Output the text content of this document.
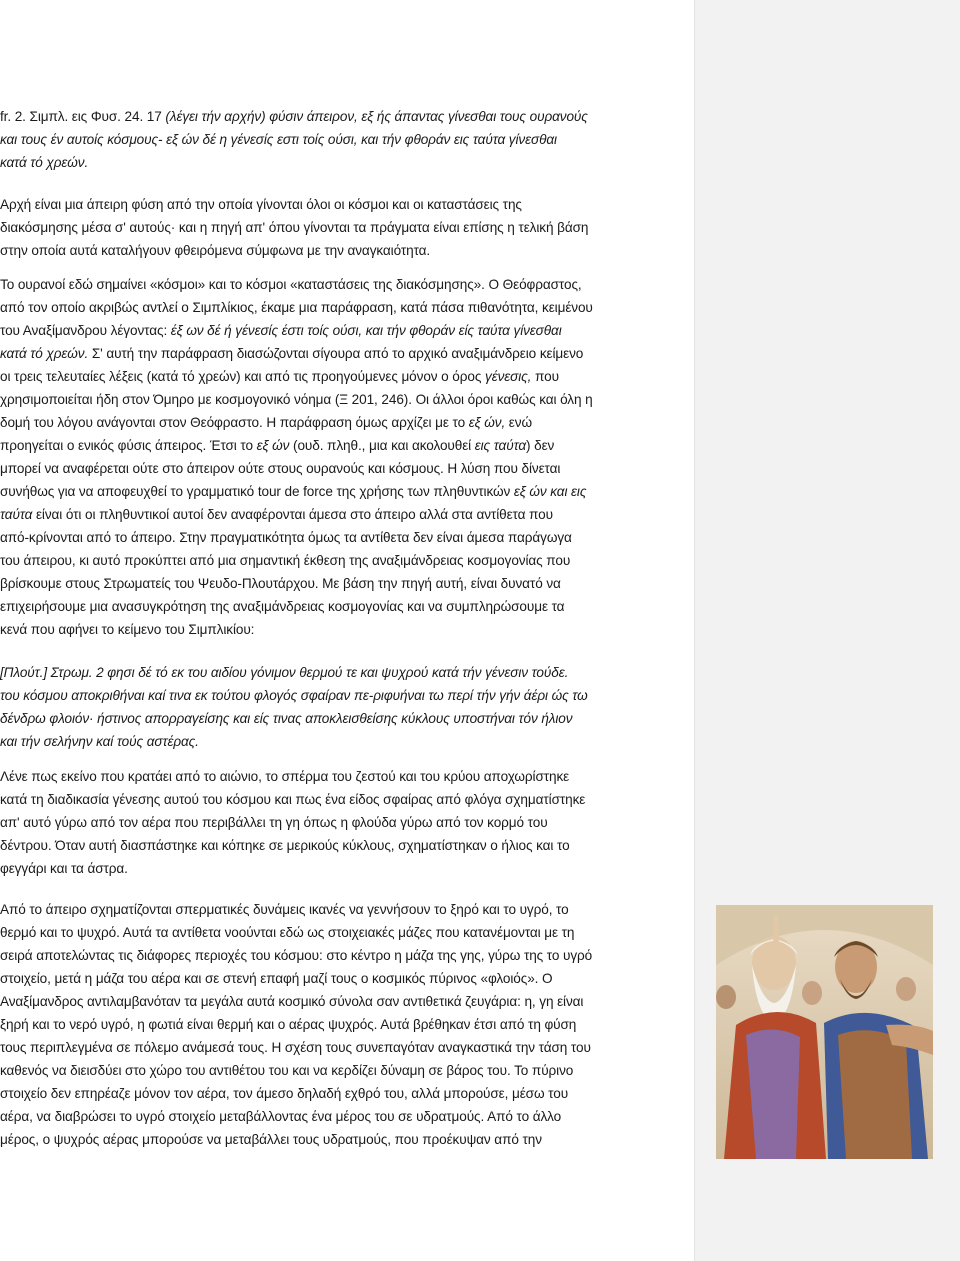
fr. 2. Σιμπλ. εις Φυσ. 24. 17 (λέγει τήν αρχήν) φύσιν άπειρον, εξ ής άπαντας γίνεσθαι τους ουρανούς
και τους έν αυτοίς κόσμους- εξ ών δέ η γένεσίς εστι τοίς ούσι, και τήν φθοράν εις ταύτα γίνεσθαι
κατά τό χρεών.
Αρχή είναι μια άπειρη φύση από την οποία γίνονται όλοι οι κόσμοι και οι καταστάσεις της
διακόσμησης μέσα σ' αυτούς· και η πηγή απ' όπου γίνονται τα πράγματα είναι επίσης η τελική βάση
στην οποία αυτά καταλήγουν φθειρόμενα σύμφωνα με την αναγκαιότητα.
Το ουρανοί εδώ σημαίνει «κόσμοι» και το κόσμοι «καταστάσεις της διακόσμησης». Ο Θεόφραστος,
από τον οποίο ακριβώς αντλεί ο Σιμπλίκιος, έκαμε μια παράφραση, κατά πάσα πιθανότητα, κειμένου
του Αναξίμανδρου λέγοντας: έξ ων δέ ή γένεσίς έστι τοίς ούσι, και τήν φθοράν είς ταύτα γίνεσθαι
κατά τό χρεών. Σ' αυτή την παράφραση διασώζονται σίγουρα από το αρχικό αναξιμάνδρειο κείμενο
οι τρεις τελευταίες λέξεις (κατά τό χρεών) και από τις προηγούμενες μόνον ο όρος γένεσις, που
χρησιμοποιείται ήδη στον Όμηρο με κοσμογονικό νόημα (Ξ 201, 246). Οι άλλοι όροι καθώς και όλη η
δομή του λόγου ανάγονται στον Θεόφραστο. Η παράφραση όμως αρχίζει με το εξ ών, ενώ
προηγείται ο ενικός φύσις άπειρος. Έτσι το εξ ών (ουδ. πληθ., μια και ακολουθεί εις ταύτα) δεν
μπορεί να αναφέρεται ούτε στο άπειρον ούτε στους ουρανούς και κόσμους. Η λύση που δίνεται
συνήθως για να αποφευχθεί το γραμματικό tour de force της χρήσης των πληθυντικών εξ ών και εις
ταύτα είναι ότι οι πληθυντικοί αυτοί δεν αναφέρονται άμεσα στο άπειρο αλλά στα αντίθετα που
από-κρίνονται από το άπειρο. Στην πραγματικότητα όμως τα αντίθετα δεν είναι άμεσα παράγωγα
του άπειρου, κι αυτό προκύπτει από μια σημαντική έκθεση της αναξιμάνδρειας κοσμογονίας που
βρίσκουμε στους Στρωματείς του Ψευδο-Πλουτάρχου. Με βάση την πηγή αυτή, είναι δυνατό να
επιχειρήσουμε μια ανασυγκρότηση της αναξιμάνδρειας κοσμογονίας και να συμπληρώσουμε τα
κενά που αφήνει το κείμενο του Σιμπλικίου:
[Πλούτ.] Στρωμ. 2 φησι δέ τό εκ του αιδίου γόνιμον θερμού τε και ψυχρού κατά τήν γένεσιν τούδε.
του κόσμου αποκριθήναι καί τινα εκ τούτου φλογός σφαίραν πε-ριφυήναι τω περί τήν γήν άέρι ώς τω
δένδρω φλοιόν· ήστινος απορραγείσης και είς τινας αποκλεισθείσης κύκλους υποστήναι τόν ήλιον
και τήν σελήνην καί τούς αστέρας.
Λένε πως εκείνο που κρατάει από το αιώνιο, το σπέρμα του ζεστού και του κρύου αποχωρίστηκε
κατά τη διαδικασία γένεσης αυτού του κόσμου και πως ένα είδος σφαίρας από φλόγα σχηματίστηκε
απ' αυτό γύρω από τον αέρα που περιβάλλει τη γη όπως η φλούδα γύρω από τον κορμό του
δέντρου. Όταν αυτή διασπάστηκε και κόπηκε σε μερικούς κύκλους, σχηματίστηκαν ο ήλιος και το
φεγγάρι και τα άστρα.
Από το άπειρο σχηματίζονται σπερματικές δυνάμεις ικανές να γεννήσουν το ξηρό και το υγρό, το
θερμό και το ψυχρό. Αυτά τα αντίθετα νοούνται εδώ ως στοιχειακές μάζες που κατανέμονται με τη
σειρά αποτελώντας τις διάφορες περιοχές του κόσμου: στο κέντρο η μάζα της γης, γύρω της το υγρό
στοιχείο, μετά η μάζα του αέρα και σε στενή επαφή μαζί τους ο κοσμικός πύρινος «φλοιός». Ο
Αναξίμανδρος αντιλαμβανόταν τα μεγάλα αυτά κοσμικό σύνολα σαν αντιθετικά ζευγάρια: η, γη είναι
ξηρή και το νερό υγρό, η φωτιά είναι θερμή και ο αέρας ψυχρός. Αυτά βρέθηκαν έτσι από τη φύση
τους περιπλεγμένα σε πόλεμο ανάμεσά τους. Η σχέση τους συνεπαγόταν αναγκαστικά την τάση του
καθενός να διεισδύει στο χώρο του αντιθέτου του και να κερδίζει δύναμη σε βάρος του. Το πύρινο
στοιχείο δεν επηρέαζε μόνον τον αέρα, τον άμεσο δηλαδή εχθρό του, αλλά μπορούσε, μέσω του
αέρα, να διαβρώσει το υγρό στοιχείο μεταβάλλοντας ένα μέρος του σε υδρατμούς. Από το άλλο
μέρος, ο ψυχρός αέρας μπορούσε να μεταβάλλει τους υδρατμούς, που προέκυψαν από την
